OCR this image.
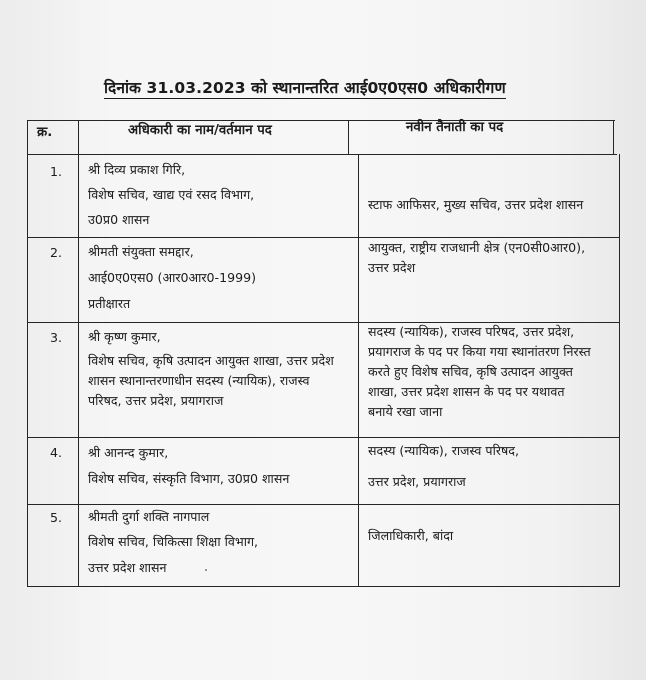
दिनांक 31.03.2023 को स्थानान्तरित आई0ए0एस0 अधिकारीगण
क्र.	अधिकारी का नाम/वर्तमान पद	नवीन तैनाती का पद
1. श्री दिव्य प्रकाश गिरि,
विशेष सचिव, खाद्य एवं रसद विभाग,
उ0प्र0 शासन
स्टाफ आफिसर, मुख्य सचिव, उत्तर प्रदेश शासन
2. श्रीमती संयुक्ता समद्दार,
आई0ए0एस0 (आर0आर0-1999)
प्रतीक्षारत
आयुक्त, राष्ट्रीय राजधानी क्षेत्र (एन0सी0आर0),
उत्तर प्रदेश
3. श्री कृष्ण कुमार,
विशेष सचिव, कृषि उत्पादन आयुक्त शाखा, उत्तर प्रदेश
शासन स्थानान्तरणाधीन सदस्य (न्यायिक), राजस्व
परिषद, उत्तर प्रदेश, प्रयागराज
सदस्य (न्यायिक), राजस्व परिषद, उत्तर प्रदेश,
प्रयागराज के पद पर किया गया स्थानांतरण निरस्त
करते हुए विशेष सचिव, कृषि उत्पादन आयुक्त
शाखा, उत्तर प्रदेश शासन के पद पर यथावत
बनाये रखा जाना
4. श्री आनन्द कुमार,
विशेष सचिव, संस्कृति विभाग, उ0प्र0 शासन
सदस्य (न्यायिक), राजस्व परिषद,
उत्तर प्रदेश, प्रयागराज
5. श्रीमती दुर्गा शक्ति नागपाल
विशेष सचिव, चिकित्सा शिक्षा विभाग,
उत्तर प्रदेश शासन
जिलाधिकारी, बांदा
